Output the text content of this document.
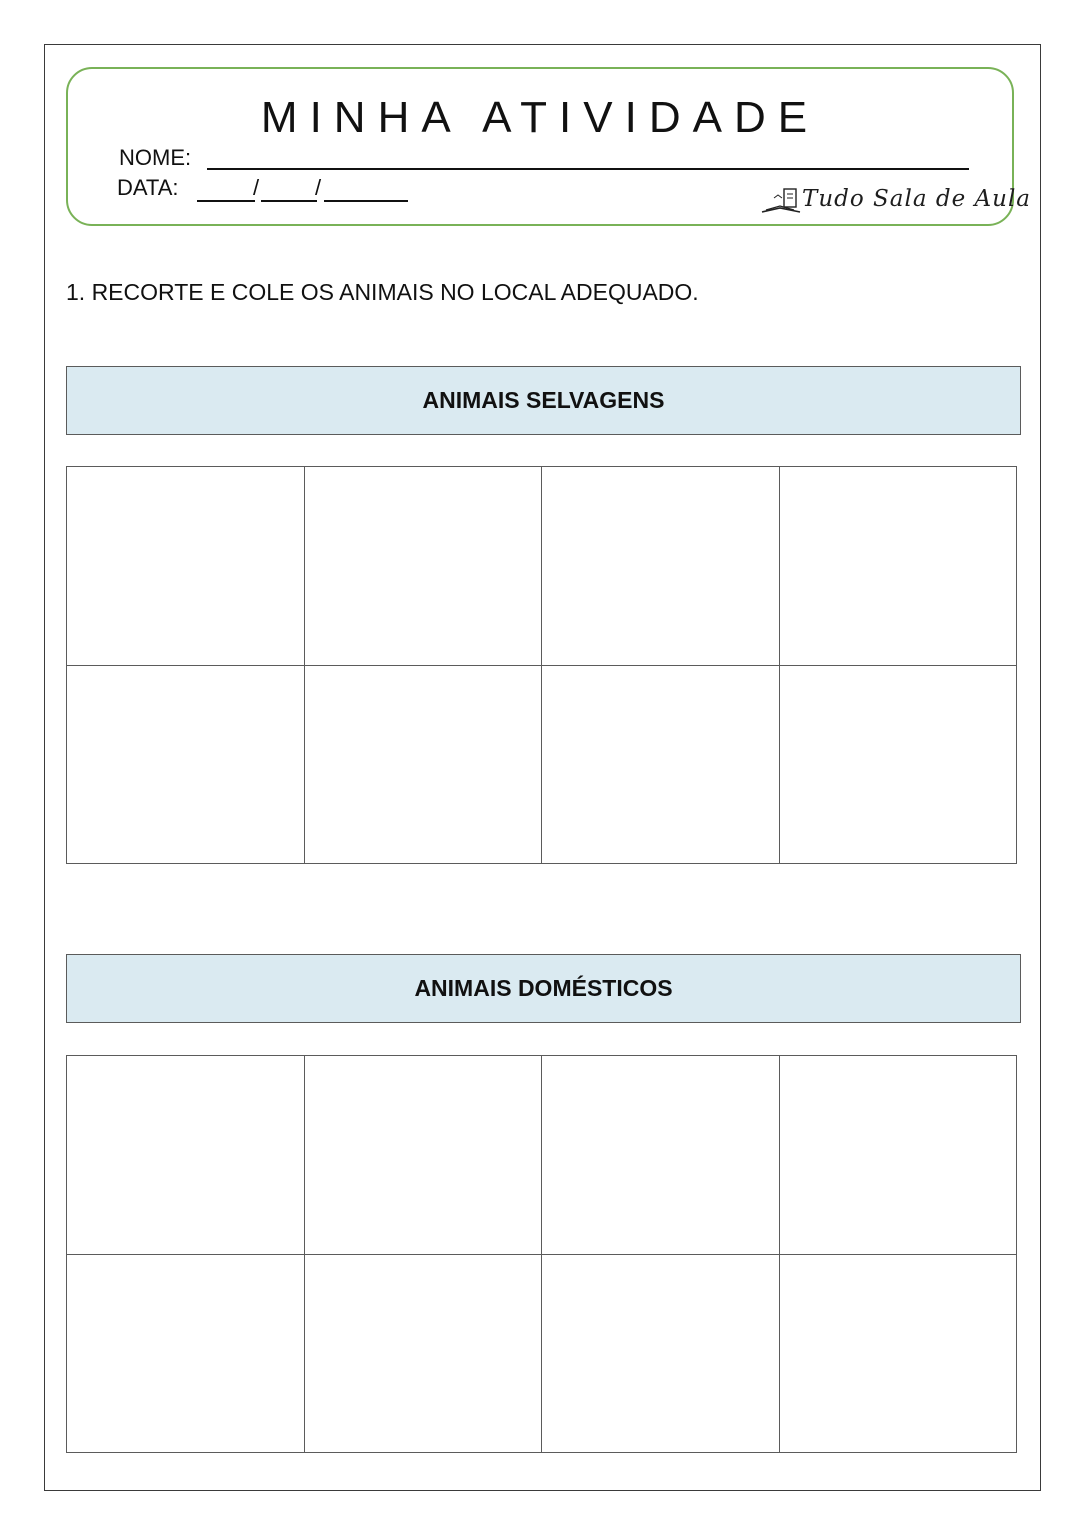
MINHA ATIVIDADE
NOME:
DATA:	/	/	Tudo Sala de Aula
1. RECORTE E COLE OS ANIMAIS NO LOCAL ADEQUADO.
ANIMAIS SELVAGENS
ANIMAIS DOMÉSTICOS
